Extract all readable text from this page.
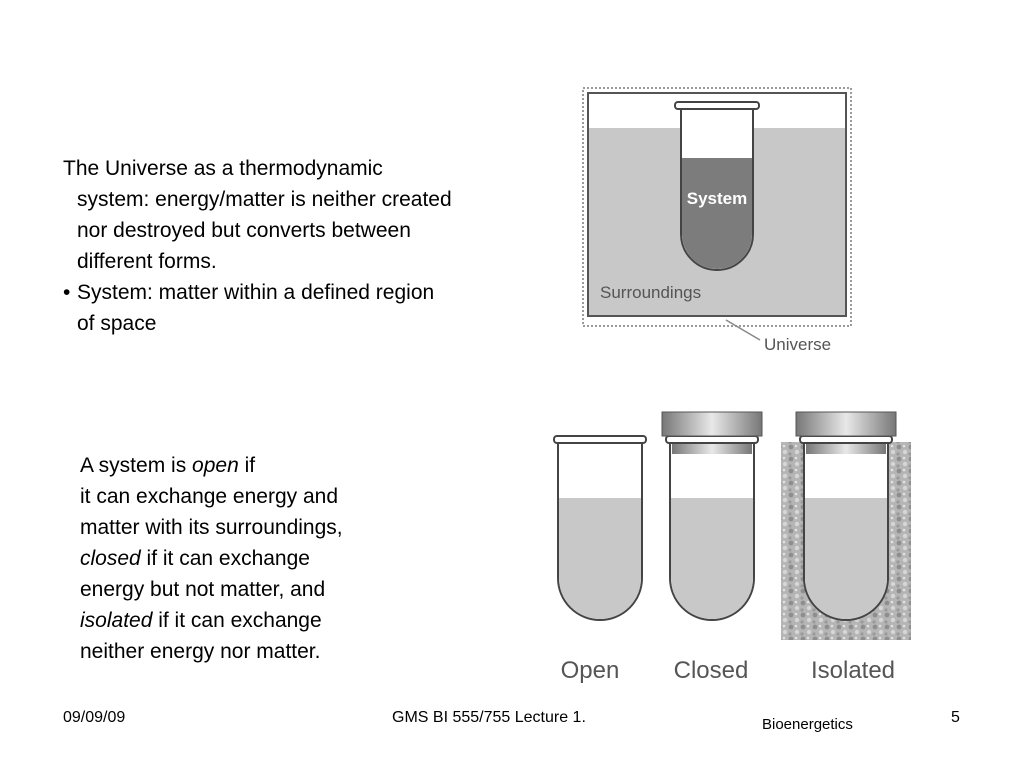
The Universe as a thermodynamic
system: energy/matter is neither created
nor destroyed but converts between
different forms.
• System: matter within a defined region
of space
System
Surroundings
Universe
A system is open if
it can exchange energy and
matter with its surroundings,
closed if it can exchange
energy but not matter, and
isolated if it can exchange
neither energy nor matter.
Open Closed	Isolated
09/09/09	GMS BI 555/755 Lecture 1.	Bioenergetics	5
